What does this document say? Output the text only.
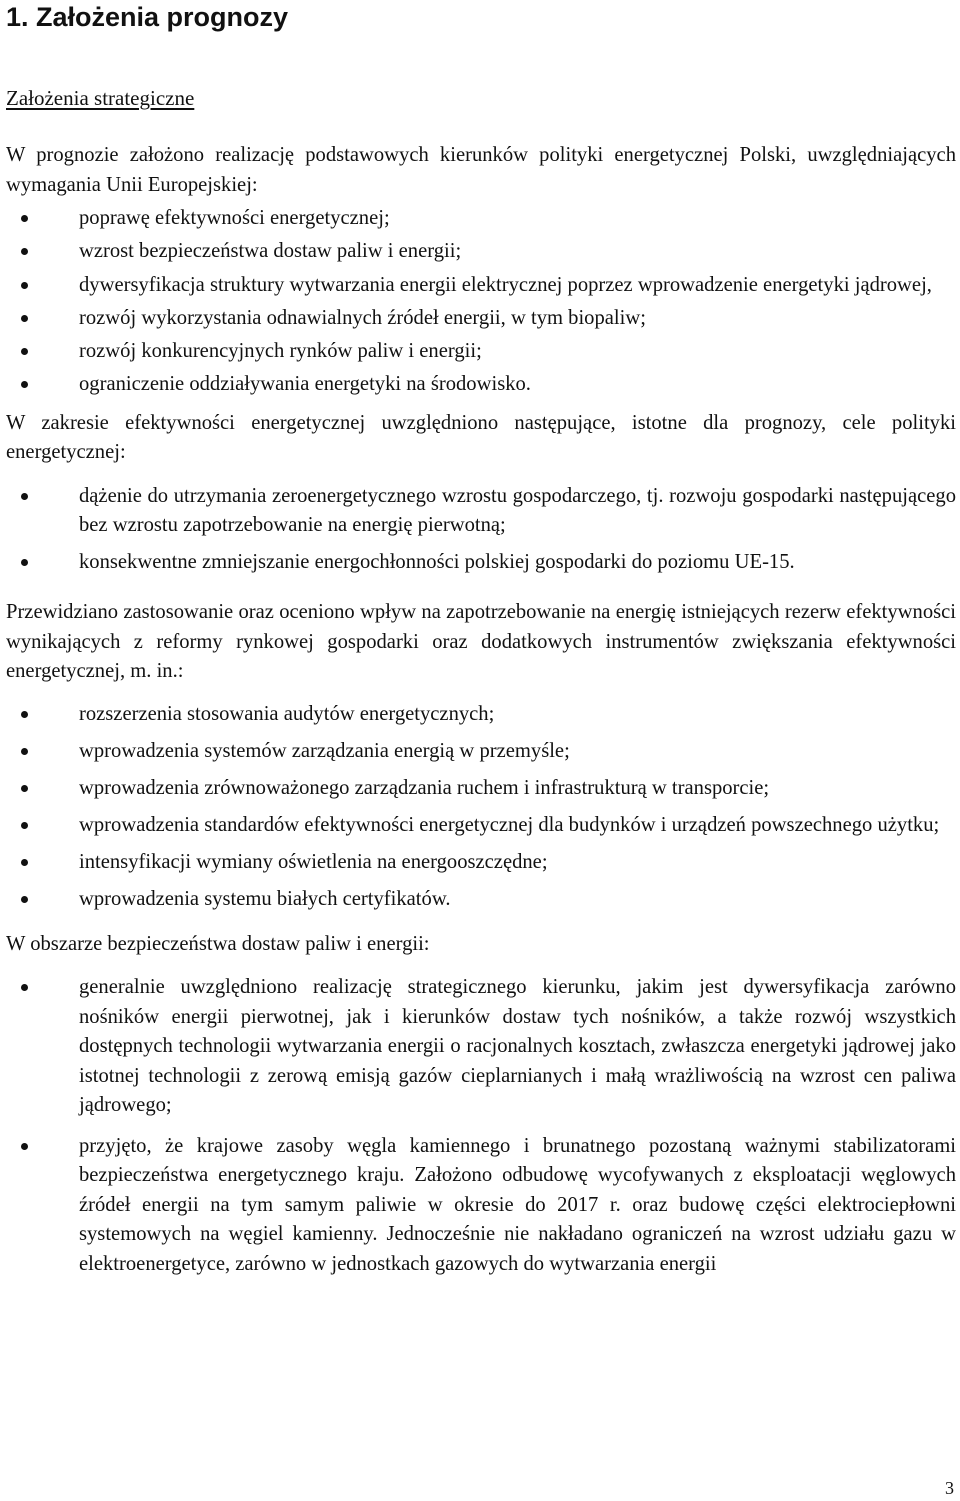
1. Założenia prognozy
Założenia strategiczne

W prognozie założono realizację podstawowych kierunków polityki energetycznej Polski, uwzględniających wymagania Unii Europejskiej:

poprawę efektywności energetycznej;
wzrost bezpieczeństwa dostaw paliw i energii;
dywersyfikacja struktury wytwarzania energii elektrycznej poprzez wprowadzenie energetyki jądrowej,
rozwój wykorzystania odnawialnych źródeł energii, w tym biopaliw;
rozwój konkurencyjnych rynków paliw i energii;
ograniczenie oddziaływania energetyki na środowisko.

W zakresie efektywności energetycznej uwzględniono następujące, istotne dla prognozy, cele polityki energetycznej:

dążenie do utrzymania zeroenergetycznego wzrostu gospodarczego, tj. rozwoju gospodarki następującego bez wzrostu zapotrzebowanie na energię pierwotną;
konsekwentne zmniejszanie energochłonności polskiej gospodarki do poziomu UE-15.

Przewidziano zastosowanie oraz oceniono wpływ na zapotrzebowanie na energię istniejących rezerw efektywności wynikających z reformy rynkowej gospodarki oraz dodatkowych instrumentów zwiększania efektywności energetycznej, m. in.:

rozszerzenia stosowania audytów energetycznych;
wprowadzenia systemów zarządzania energią w przemyśle;
wprowadzenia zrównoważonego zarządzania ruchem i infrastrukturą w transporcie;
wprowadzenia standardów efektywności energetycznej dla budynków i urządzeń powszechnego użytku;
intensyfikacji wymiany oświetlenia na energooszczędne;
wprowadzenia systemu białych certyfikatów.

W obszarze bezpieczeństwa dostaw paliw i energii:

generalnie uwzględniono realizację strategicznego kierunku, jakim jest dywersyfikacja zarówno nośników energii pierwotnej, jak i kierunków dostaw tych nośników, a także rozwój wszystkich dostępnych technologii wytwarzania energii o racjonalnych kosztach, zwłaszcza energetyki jądrowej jako istotnej technologii z zerową emisją gazów cieplarnianych i małą wrażliwością na wzrost cen paliwa jądrowego;
przyjęto, że krajowe zasoby węgla kamiennego i brunatnego pozostaną ważnymi stabilizatorami bezpieczeństwa energetycznego kraju. Założono odbudowę wycofywanych z eksploatacji węglowych źródeł energii na tym samym paliwie w okresie do 2017 r. oraz budowę części elektrociepłowni systemowych na węgiel kamienny. Jednocześnie nie nakładano ograniczeń na wzrost udziału gazu w elektroenergetyce, zarówno w jednostkach gazowych do wytwarzania energii
3
